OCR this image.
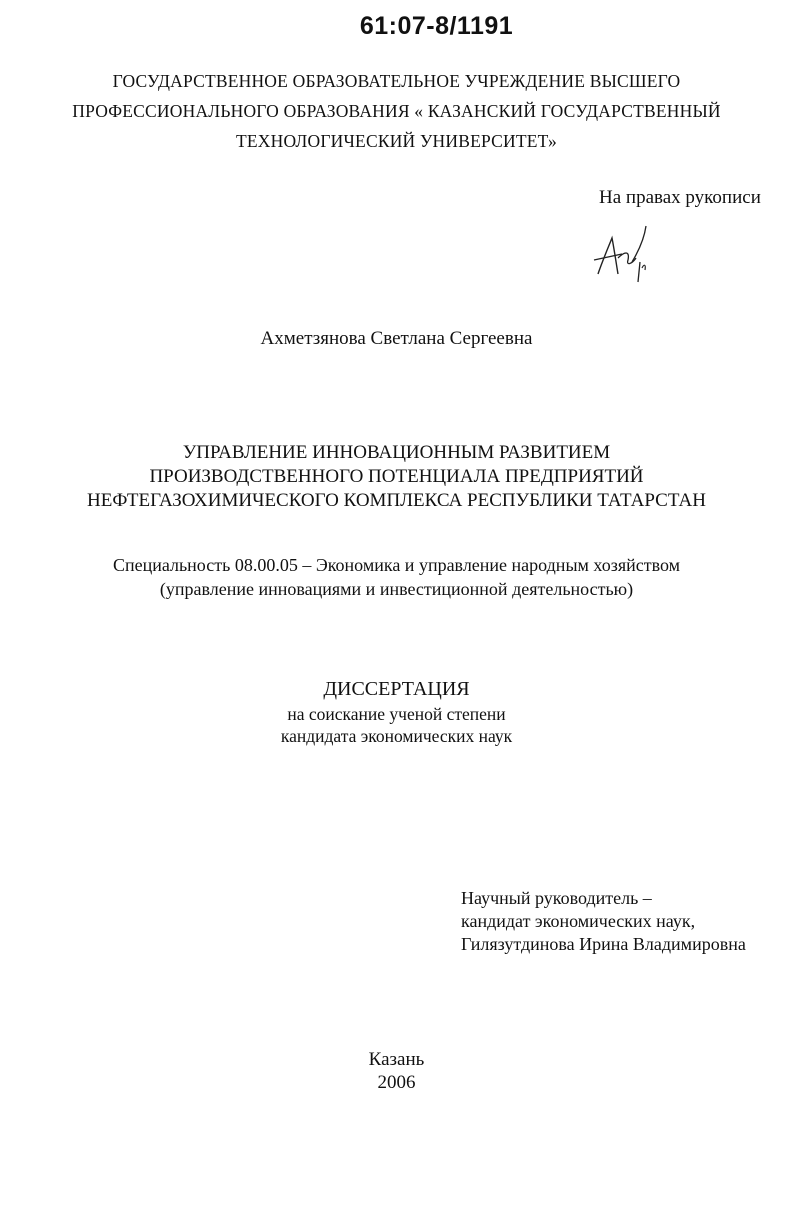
61:07-8/1191
ГОСУДАРСТВЕННОЕ ОБРАЗОВАТЕЛЬНОЕ УЧРЕЖДЕНИЕ ВЫСШЕГО
ПРОФЕССИОНАЛЬНОГО ОБРАЗОВАНИЯ « КАЗАНСКИЙ ГОСУДАРСТВЕННЫЙ
ТЕХНОЛОГИЧЕСКИЙ УНИВЕРСИТЕТ»
На правах рукописи
Ахметзянова Светлана Сергеевна
УПРАВЛЕНИЕ ИННОВАЦИОННЫМ РАЗВИТИЕМ
ПРОИЗВОДСТВЕННОГО ПОТЕНЦИАЛА ПРЕДПРИЯТИЙ
НЕФТЕГАЗОХИМИЧЕСКОГО КОМПЛЕКСА РЕСПУБЛИКИ ТАТАРСТАН
Специальность 08.00.05 – Экономика и управление народным хозяйством
(управление инновациями и инвестиционной деятельностью)
ДИССЕРТАЦИЯ
на соискание ученой степени
кандидата экономических наук
Научный руководитель –
кандидат экономических наук,
Гилязутдинова Ирина Владимировна
Казань
2006
